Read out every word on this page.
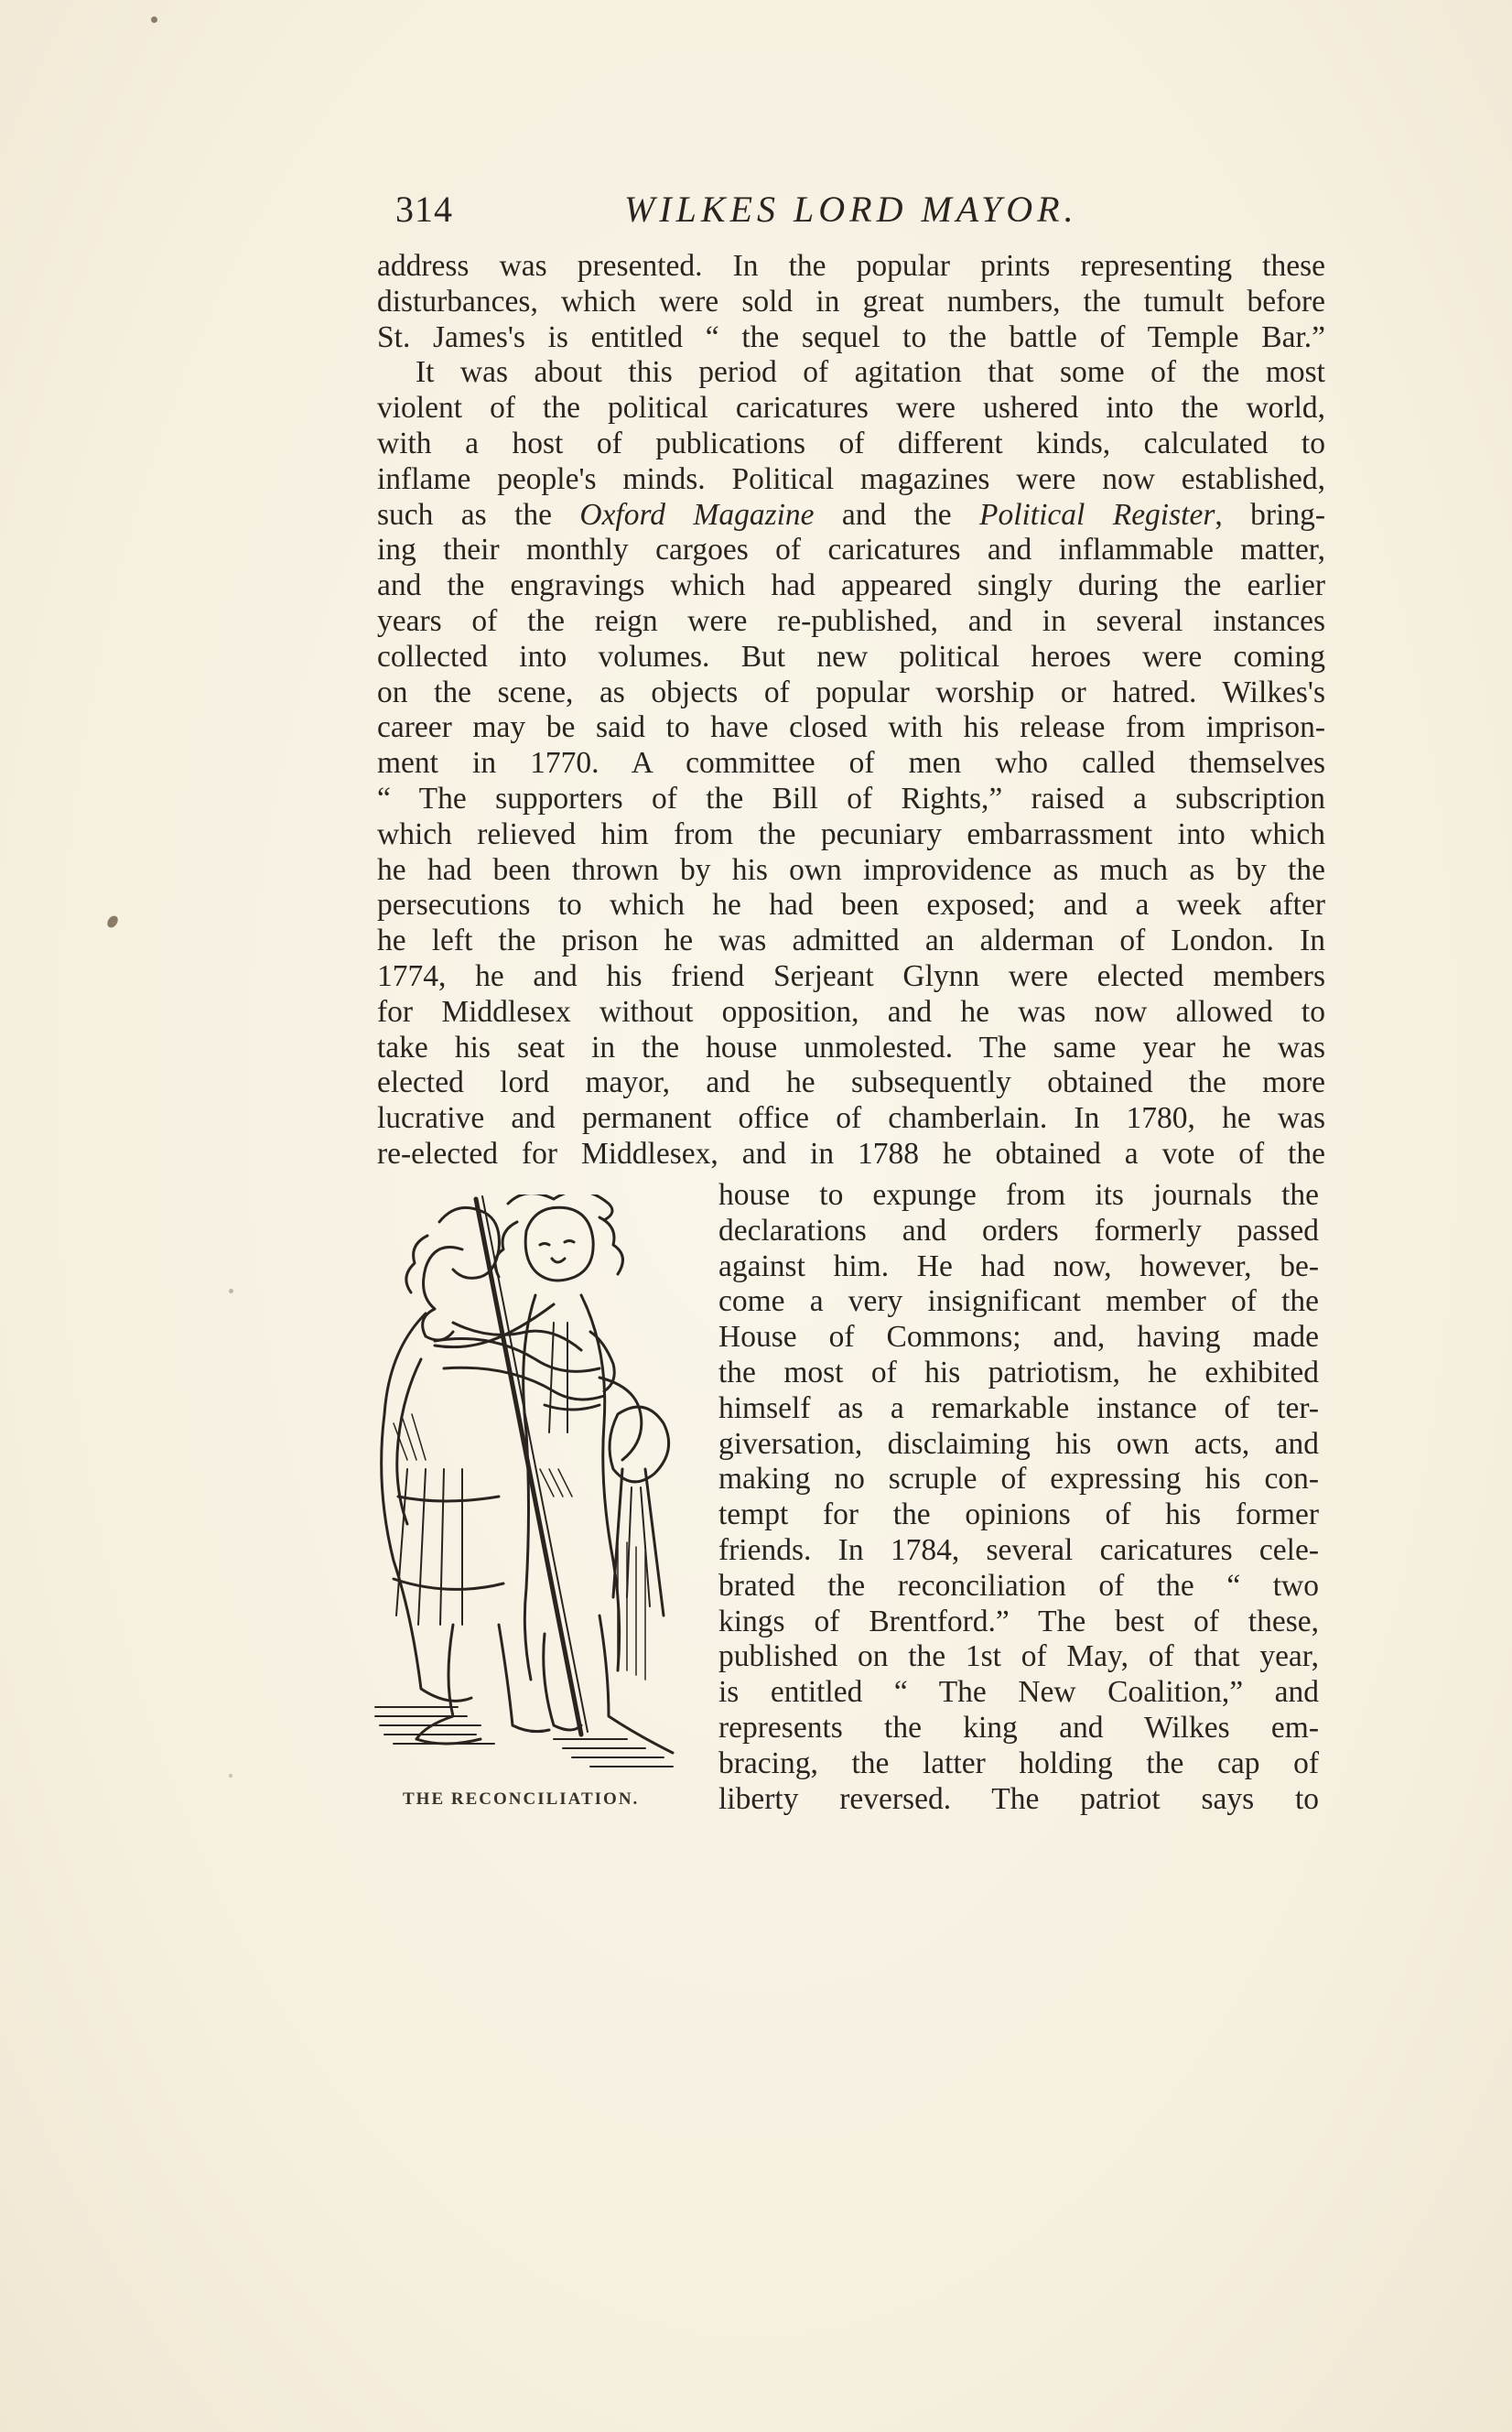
314	WILKES LORD MAYOR.
address was presented. In the popular prints representing these
disturbances, which were sold in great numbers, the tumult before
St. James's is entitled “ the sequel to the battle of Temple Bar.”
It was about this period of agitation that some of the most
violent of the political caricatures were ushered into the world,
with a host of publications of different kinds, calculated to
inflame people's minds. Political magazines were now established,
such as the Oxford Magazine and the Political Register, bring-
ing their monthly cargoes of caricatures and inflammable matter,
and the engravings which had appeared singly during the earlier
years of the reign were re-published, and in several instances
collected into volumes. But new political heroes were coming
on the scene, as objects of popular worship or hatred. Wilkes's
career may be said to have closed with his release from imprison-
ment in 1770. A committee of men who called themselves
“ The supporters of the Bill of Rights,” raised a subscription
which relieved him from the pecuniary embarrassment into which
he had been thrown by his own improvidence as much as by the
persecutions to which he had been exposed; and a week after
he left the prison he was admitted an alderman of London. In
1774, he and his friend Serjeant Glynn were elected members
for Middlesex without opposition, and he was now allowed to
take his seat in the house unmolested. The same year he was
elected lord mayor, and he subsequently obtained the more
lucrative and permanent office of chamberlain. In 1780, he was
re-elected for Middlesex, and in 1788 he obtained a vote of the
house to expunge from its journals the
declarations and orders formerly passed
against him. He had now, however, be-
come a very insignificant member of the
House of Commons; and, having made
the most of his patriotism, he exhibited
himself as a remarkable instance of ter-
giversation, disclaiming his own acts, and
making no scruple of expressing his con-
tempt for the opinions of his former
friends. In 1784, several caricatures cele-
brated the reconciliation of the “ two
kings of Brentford.” The best of these,
published on the 1st of May, of that year,
is entitled “ The New Coalition,” and
represents the king and Wilkes em-
bracing, the latter holding the cap of
liberty reversed. The patriot says to
THE RECONCILIATION.
